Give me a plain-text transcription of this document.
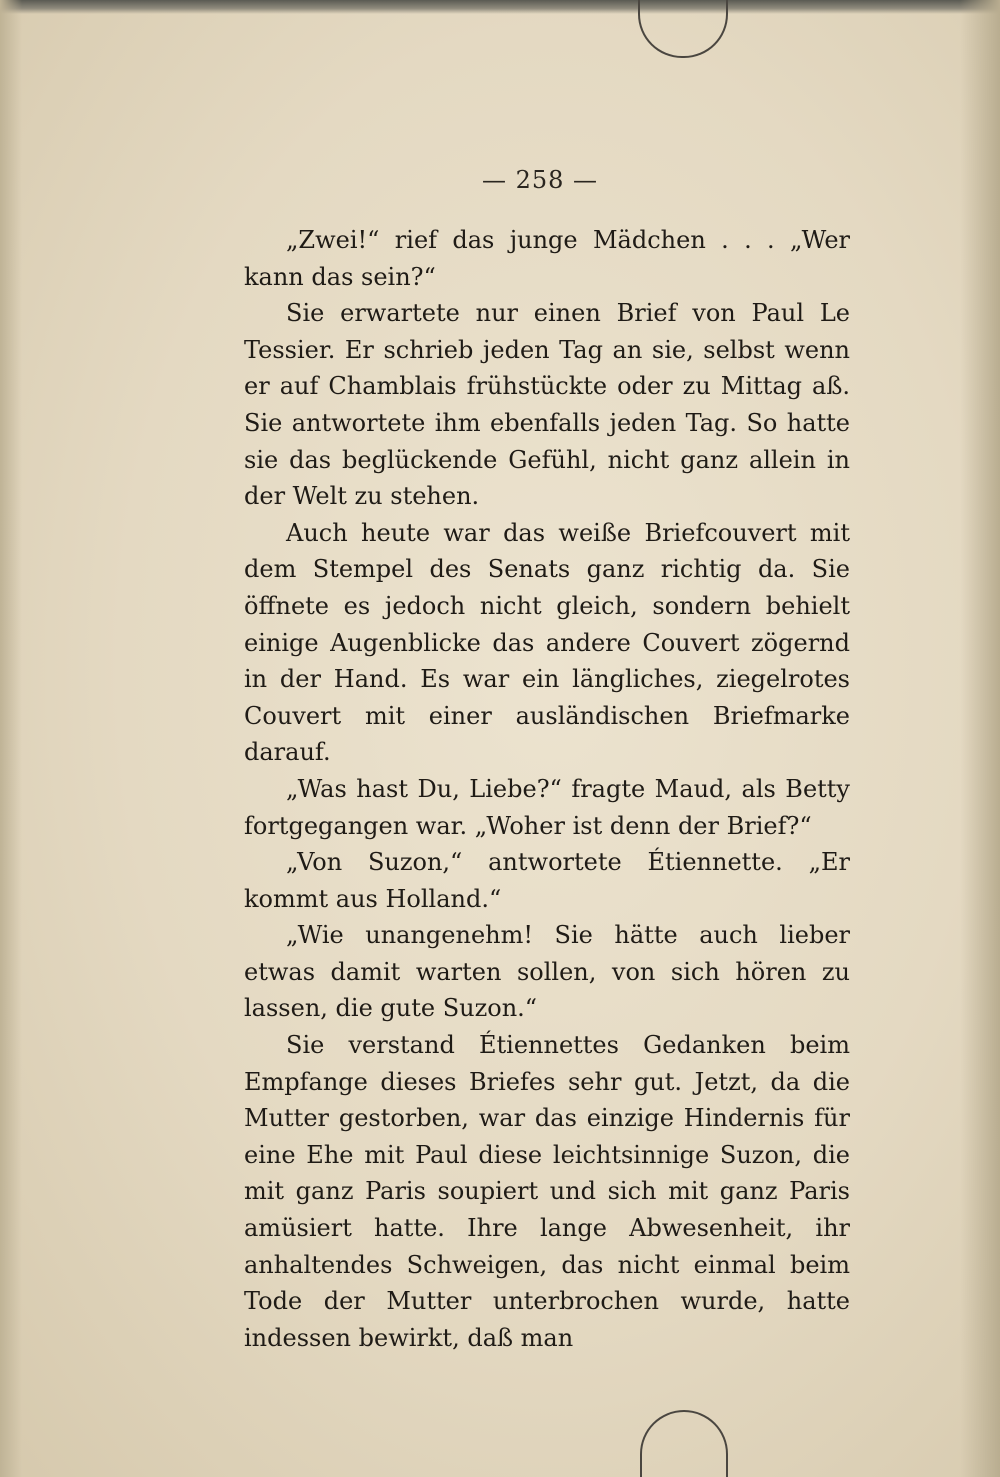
— 258 —

„Zwei!“ rief das junge Mädchen . . . „Wer kann das sein?“

Sie erwartete nur einen Brief von Paul Le Tessier. Er schrieb jeden Tag an sie, selbst wenn er auf Chamblais frühstückte oder zu Mittag aß. Sie antwortete ihm ebenfalls jeden Tag. So hatte sie das beglückende Gefühl, nicht ganz allein in der Welt zu stehen.

Auch heute war das weiße Briefcouvert mit dem Stempel des Senats ganz richtig da. Sie öffnete es jedoch nicht gleich, sondern behielt einige Augenblicke das andere Couvert zögernd in der Hand. Es war ein längliches, ziegelrotes Couvert mit einer ausländischen Briefmarke darauf.

„Was hast Du, Liebe?“ fragte Maud, als Betty fortgegangen war. „Woher ist denn der Brief?“

„Von Suzon,“ antwortete Étiennette. „Er kommt aus Holland.“

„Wie unangenehm! Sie hätte auch lieber etwas damit warten sollen, von sich hören zu lassen, die gute Suzon.“

Sie verstand Étiennettes Gedanken beim Empfange dieses Briefes sehr gut. Jetzt, da die Mutter gestorben, war das einzige Hindernis für eine Ehe mit Paul diese leichtsinnige Suzon, die mit ganz Paris soupiert und sich mit ganz Paris amüsiert hatte. Ihre lange Abwesenheit, ihr anhaltendes Schweigen, das nicht einmal beim Tode der Mutter unterbrochen wurde, hatte indessen bewirkt, daß man
